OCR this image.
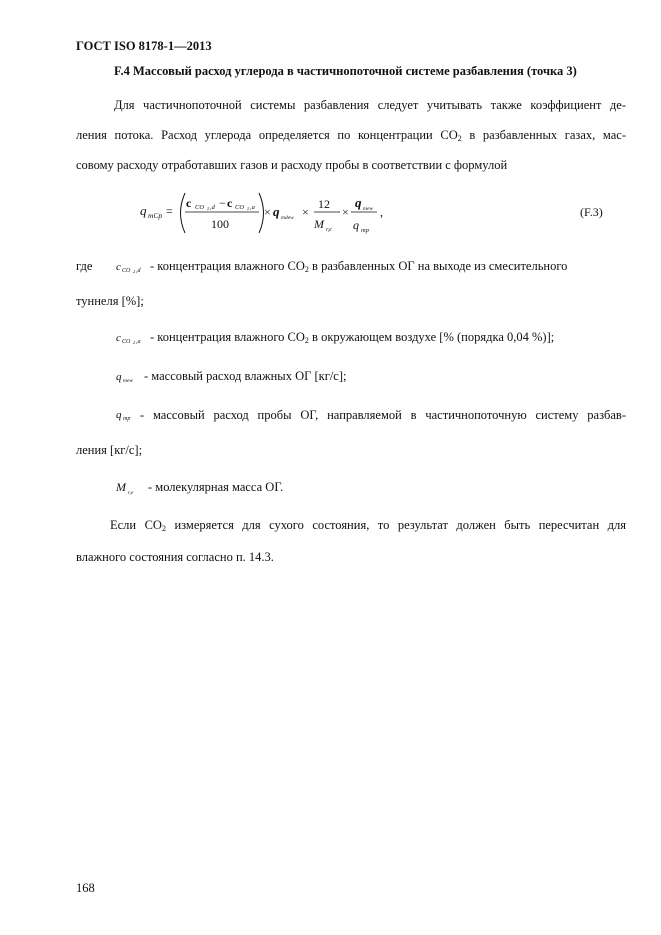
ГОСТ ISO 8178-1—2013
F.4 Массовый расход углерода в частичнопоточной системе разбавления (точка 3)
Для частичнопоточной системы разбавления следует учитывать также коэффициент де-
ления потока. Расход углерода определяется по концентрации $CO_2$ в разбавленных газах, мас-
совому расходу отработавших газов и расходу пробы в соответствии с формулой
q mCp =
c CO 2 ,d − c CO 2 ,a
100
× q mdew ×
12
M r,e
×
q mew
q mp
,	(F.3)
c CO 2 ,d
c CO 2 ,a
q mew
q mp
M r,e
где	- концентрация влажного $CO_2$ в разбавленных ОГ на выходе из смесительного
туннеля [%];
- концентрация влажного $CO_2$ в окружающем воздухе [% (порядка 0,04 %)];
- массовый расход влажных ОГ [кг/с];
- массовый расход пробы ОГ, направляемой в частичнопоточную систему разбав-
ления [кг/с];
- молекулярная масса ОГ.
Если $CO_2$ измеряется для сухого состояния, то результат должен быть пересчитан для
влажного состояния согласно п. 14.3.
168
